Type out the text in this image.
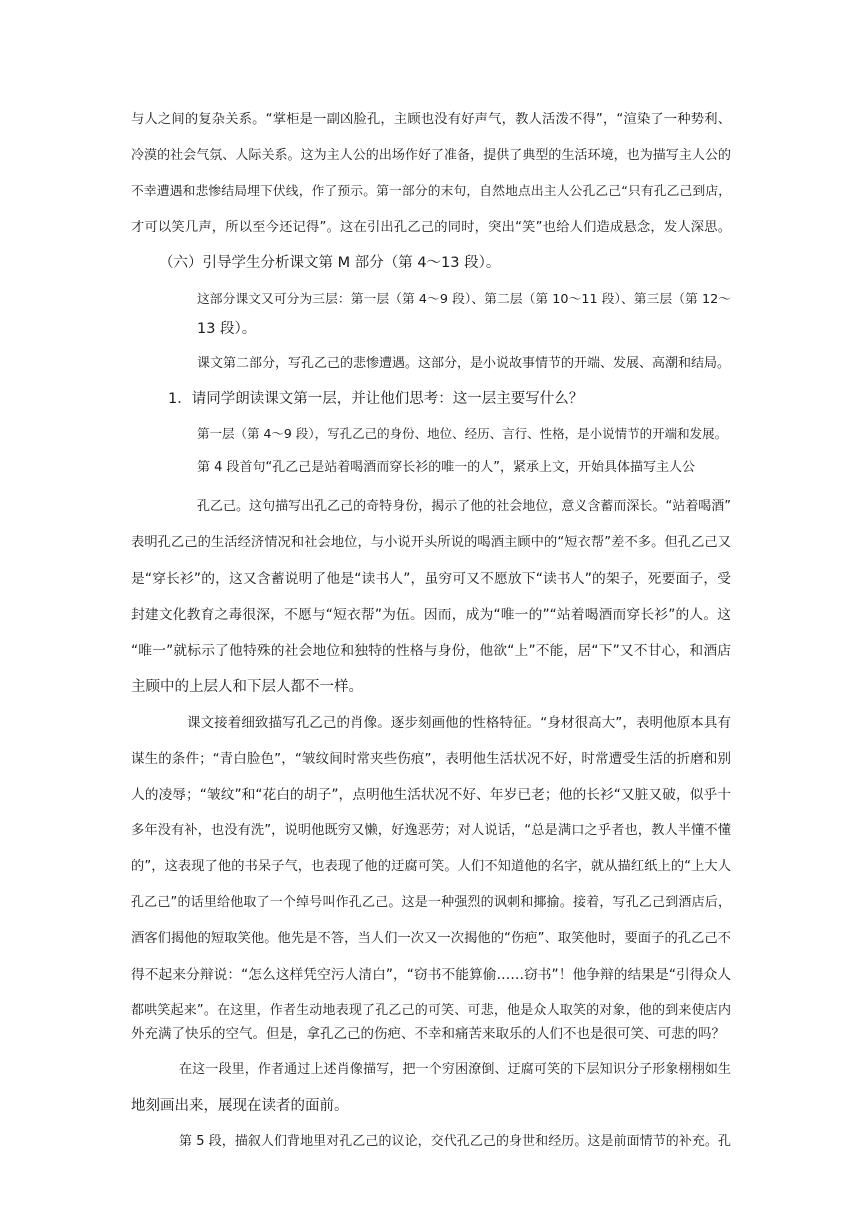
与人之间的复杂关系。“掌柜是一副凶脸孔，主顾也没有好声气，教人活泼不得”，“渲染了一种势利、
冷漠的社会气氛、人际关系。这为主人公的出场作好了准备，提供了典型的生活环境，也为描写主人公的
不幸遭遇和悲惨结局埋下伏线，作了预示。第一部分的末句，自然地点出主人公孔乙己“只有孔乙己到店，
才可以笑几声，所以至今还记得”。这在引出孔乙己的同时，突出“笑”也给人们造成悬念，发人深思。
（六）引导学生分析课文第 M 部分（第 4～13 段）。
这部分课文又可分为三层：第一层（第 4～9 段）、第二层（第 10～11 段）、第三层（第 12～
13 段）。
课文第二部分，写孔乙己的悲惨遭遇。这部分，是小说故事情节的开端、发展、高潮和结局。
1．请同学朗读课文第一层，并让他们思考：这一层主要写什么？
第一层（第 4～9 段），写孔乙己的身份、地位、经历、言行、性格，是小说情节的开端和发展。
第 4 段首句“孔乙己是站着喝酒而穿长衫的唯一的人”，紧承上文，开始具体描写主人公
孔乙己。这句描写出孔乙己的奇特身份，揭示了他的社会地位，意义含蓄而深长。“站着喝酒”
表明孔乙己的生活经济情况和社会地位，与小说开头所说的喝酒主顾中的“短衣帮”差不多。但孔乙己又
是“穿长衫”的，这又含蓄说明了他是“读书人”，虽穷可又不愿放下“读书人”的架子，死要面子，受
封建文化教育之毒很深，不愿与“短衣帮”为伍。因而，成为“唯一的”“站着喝酒而穿长衫”的人。这
“唯一”就标示了他特殊的社会地位和独特的性格与身份，他欲“上”不能，居“下”又不甘心，和酒店
主顾中的上层人和下层人都不一样。
课文接着细致描写孔乙己的肖像。逐步刻画他的性格特征。“身材很高大”，表明他原本具有
谋生的条件；“青白脸色”，“皱纹间时常夹些伤痕”，表明他生活状况不好，时常遭受生活的折磨和别
人的凌辱；“皱纹”和“花白的胡子”，点明他生活状况不好、年岁已老；他的长衫“又脏又破，似乎十
多年没有补，也没有洗”，说明他既穷又懒，好逸恶劳；对人说话，“总是满口之乎者也，教人半懂不懂
的”，这表现了他的书呆子气，也表现了他的迂腐可笑。人们不知道他的名字，就从描红纸上的“上大人
孔乙己”的话里给他取了一个绰号叫作孔乙己。这是一种强烈的讽刺和揶揄。接着，写孔乙己到酒店后，
酒客们揭他的短取笑他。他先是不答，当人们一次又一次揭他的“伤疤”、取笑他时，要面子的孔乙己不
得不起来分辩说：“怎么这样凭空污人清白”，“窃书不能算偷……窃书”！他争辩的结果是“引得众人
都哄笑起来”。在这里，作者生动地表现了孔乙己的可笑、可悲，他是众人取笑的对象，他的到来使店内
外充满了快乐的空气。但是，拿孔乙己的伤疤、不幸和痛苦来取乐的人们不也是很可笑、可悲的吗？
在这一段里，作者通过上述肖像描写，把一个穷困潦倒、迂腐可笑的下层知识分子形象栩栩如生
地刻画出来，展现在读者的面前。
第 5 段，描叙人们背地里对孔乙己的议论，交代孔乙己的身世和经历。这是前面情节的补充。孔
